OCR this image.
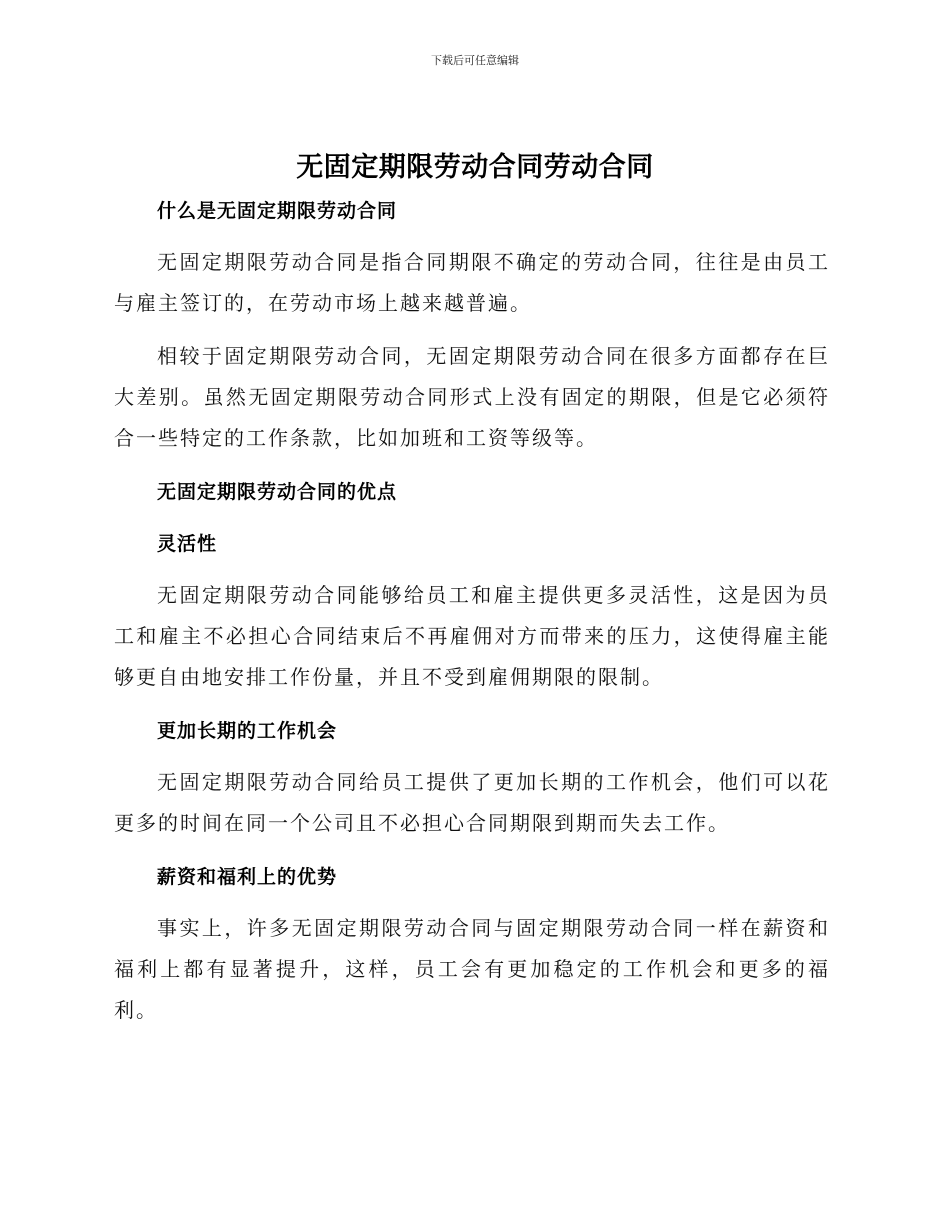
下载后可任意编辑
无固定期限劳动合同劳动合同
什么是无固定期限劳动合同

无固定期限劳动合同是指合同期限不确定的劳动合同，往往是由员工与雇主签订的，在劳动市场上越来越普遍。

相较于固定期限劳动合同，无固定期限劳动合同在很多方面都存在巨大差别。虽然无固定期限劳动合同形式上没有固定的期限，但是它必须符合一些特定的工作条款，比如加班和工资等级等。

无固定期限劳动合同的优点
灵活性

无固定期限劳动合同能够给员工和雇主提供更多灵活性，这是因为员工和雇主不必担心合同结束后不再雇佣对方而带来的压力，这使得雇主能够更自由地安排工作份量，并且不受到雇佣期限的限制。

更加长期的工作机会

无固定期限劳动合同给员工提供了更加长期的工作机会，他们可以花更多的时间在同一个公司且不必担心合同期限到期而失去工作。

薪资和福利上的优势

事实上，许多无固定期限劳动合同与固定期限劳动合同一样在薪资和福利上都有显著提升，这样，员工会有更加稳定的工作机会和更多的福利。
